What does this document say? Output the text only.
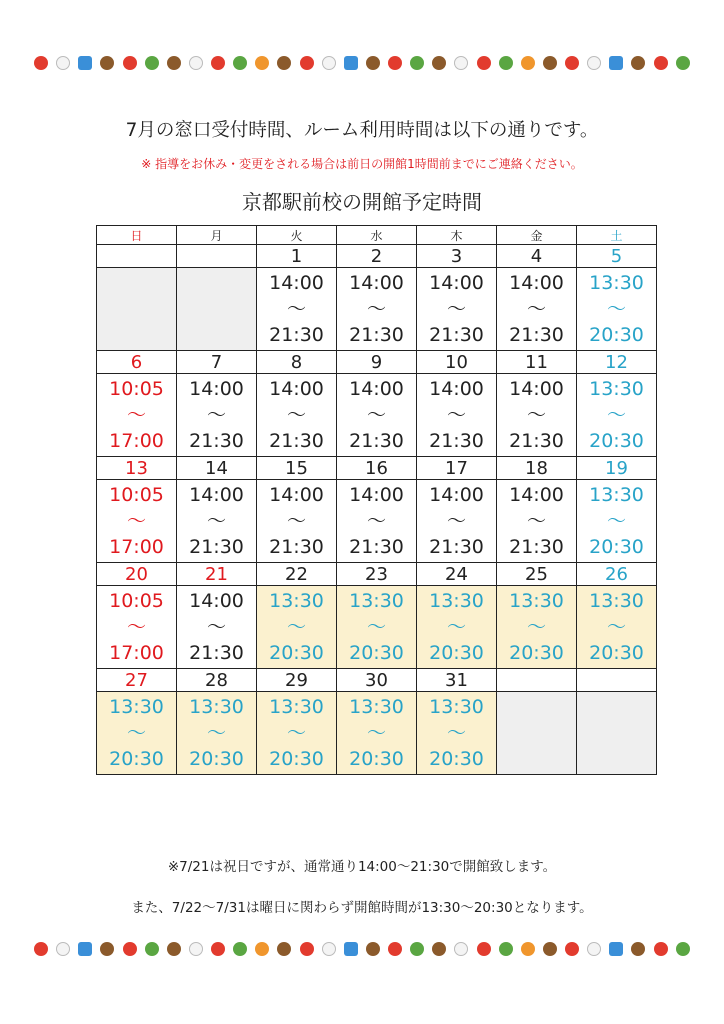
7月の窓口受付時間、ルーム利用時間は以下の通りです。
※ 指導をお休み・変更をされる場合は前日の開館1時間前までにご連絡ください。
京都駅前校の開館予定時間
日	月	火	水	木	金	土
		1	2	3	4	5

		14:00
～
21:30	14:00
～
21:30	14:00
～
21:30	14:00
～
21:30	13:30
～
20:30

6	7	8	9	10	11	12

10:05
～
17:00	14:00
～
21:30	14:00
～
21:30	14:00
～
21:30	14:00
～
21:30	14:00
～
21:30	13:30
～
20:30

13	14	15	16	17	18	19

10:05
～
17:00	14:00
～
21:30	14:00
～
21:30	14:00
～
21:30	14:00
～
21:30	14:00
～
21:30	13:30
～
20:30

20	21	22	23	24	25	26

10:05
～
17:00	14:00
～
21:30	13:30
～
20:30	13:30
～
20:30	13:30
～
20:30	13:30
～
20:30	13:30
～
20:30

27	28	29	30	31		

13:30
～
20:30	13:30
～
20:30	13:30
～
20:30	13:30
～
20:30	13:30
～
20:30		

※7/21は祝日ですが、通常通り14:00～21:30で開館致します。
また、7/22～7/31は曜日に関わらず開館時間が13:30～20:30となります。
